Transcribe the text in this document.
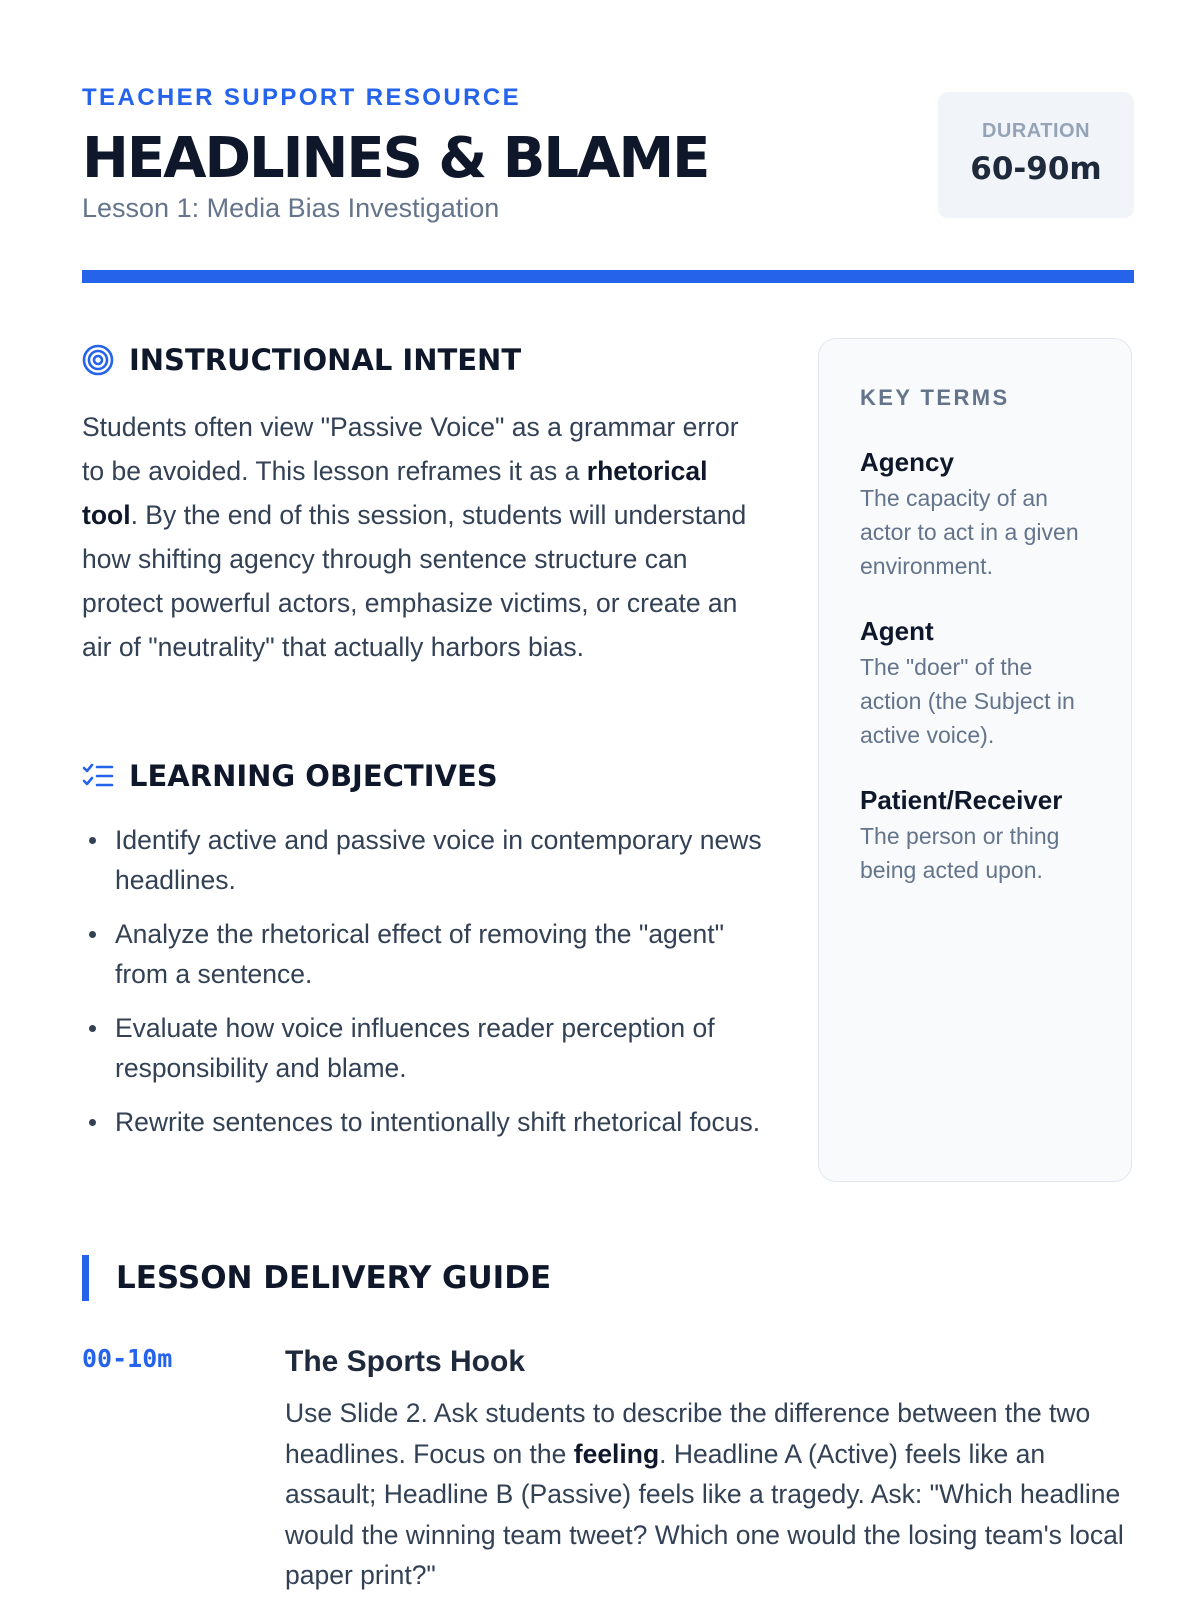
TEACHER SUPPORT RESOURCE
HEADLINES & BLAME
Lesson 1: Media Bias Investigation
DURATION
60-90m
INSTRUCTIONAL INTENT
Students often view "Passive Voice" as a grammar error to be avoided. This lesson reframes it as a rhetorical tool. By the end of this session, students will understand how shifting agency through sentence structure can protect powerful actors, emphasize victims, or create an air of "neutrality" that actually harbors bias.
LEARNING OBJECTIVES
Identify active and passive voice in contemporary news headlines.
Analyze the rhetorical effect of removing the "agent" from a sentence.
Evaluate how voice influences reader perception of responsibility and blame.
Rewrite sentences to intentionally shift rhetorical focus.
KEY TERMS
Agency
The capacity of an actor to act in a given environment.
Agent
The "doer" of the action (the Subject in active voice).
Patient/Receiver
The person or thing being acted upon.
LESSON DELIVERY GUIDE
00-10m	The Sports Hook
Use Slide 2. Ask students to describe the difference between the two headlines. Focus on the feeling. Headline A (Active) feels like an assault; Headline B (Passive) feels like a tragedy. Ask: "Which headline would the winning team tweet? Which one would the losing team's local paper print?"
